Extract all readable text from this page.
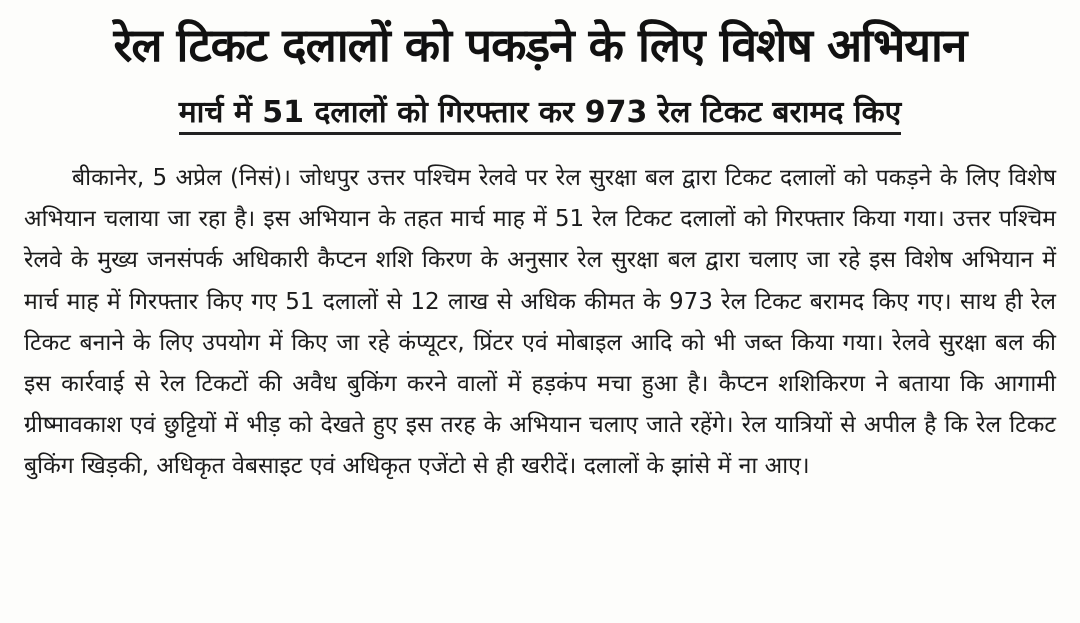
रेल टिकट दलालों को पकड़ने के लिए विशेष अभियान
मार्च में 51 दलालों को गिरफ्तार कर 973 रेल टिकट बरामद किए

बीकानेर, 5 अप्रेल (निसं)। जोधपुर उत्तर पश्चिम रेलवे पर रेल सुरक्षा बल द्वारा टिकट दलालों को पकड़ने के लिए विशेष अभियान चलाया जा रहा है। इस अभियान के तहत मार्च माह में 51 रेल टिकट दलालों को गिरफ्तार किया गया। उत्तर पश्चिम रेलवे के मुख्य जनसंपर्क अधिकारी कैप्टन शशि किरण के अनुसार रेल सुरक्षा बल द्वारा चलाए जा रहे इस विशेष अभियान में मार्च माह में गिरफ्तार किए गए 51 दलालों से 12 लाख से अधिक कीमत के 973 रेल टिकट बरामद किए गए। साथ ही रेल टिकट बनाने के लिए उपयोग में किए जा रहे कंप्यूटर, प्रिंटर एवं मोबाइल आदि को भी जब्त किया गया। रेलवे सुरक्षा बल की इस कार्रवाई से रेल टिकटों की अवैध बुकिंग करने वालों में हड़कंप मचा हुआ है। कैप्टन शशिकिरण ने बताया कि आगामी ग्रीष्मावकाश एवं छुट्टियों में भीड़ को देखते हुए इस तरह के अभियान चलाए जाते रहेंगे। रेल यात्रियों से अपील है कि रेल टिकट बुकिंग खिड़की, अधिकृत वेबसाइट एवं अधिकृत एजेंटो से ही खरीदें। दलालों के झांसे में ना आए।
